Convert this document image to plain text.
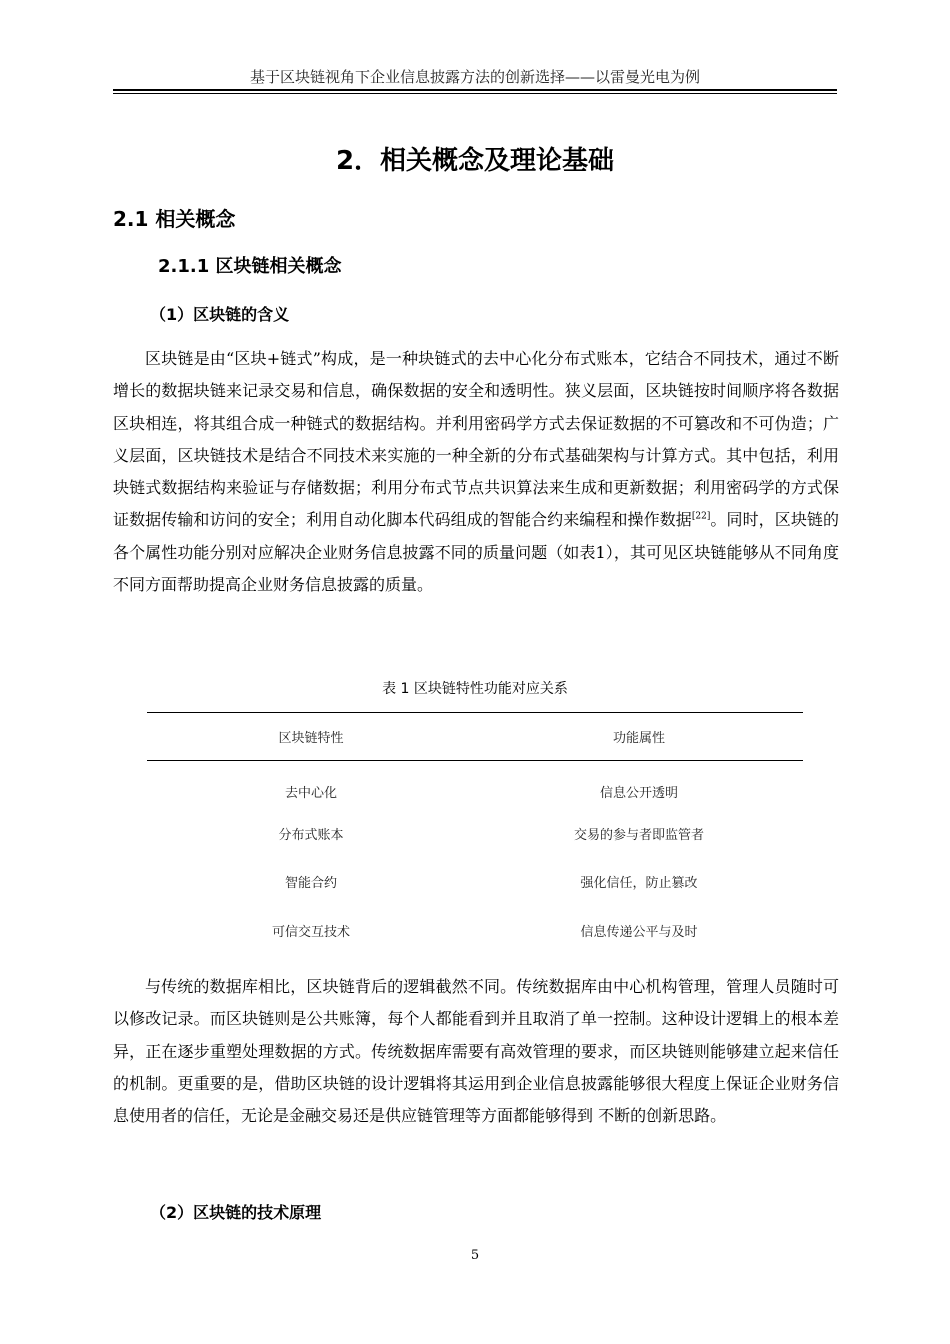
基于区块链视角下企业信息披露方法的创新选择——以雷曼光电为例
2．相关概念及理论基础
2.1 相关概念
2.1.1 区块链相关概念
（1）区块链的含义

区块链是由“区块+链式”构成，是一种块链式的去中心化分布式账本，它结合不同技术，通过不断增长的数据块链来记录交易和信息，确保数据的安全和透明性。狭义层面，区块链按时间顺序将各数据区块相连，将其组合成一种链式的数据结构。并利用密码学方式去保证数据的不可篡改和不可伪造；广义层面，区块链技术是结合不同技术来实施的一种全新的分布式基础架构与计算方式。其中包括，利用块链式数据结构来验证与存储数据；利用分布式节点共识算法来生成和更新数据；利用密码学的方式保证数据传输和访问的安全；利用自动化脚本代码组成的智能合约来编程和操作数据[22]。同时，区块链的各个属性功能分别对应解决企业财务信息披露不同的质量问题（如表1），其可见区块链能够从不同角度不同方面帮助提高企业财务信息披露的质量。

表 1 区块链特性功能对应关系
区块链特性	功能属性
去中心化	信息公开透明
分布式账本	交易的参与者即监管者
智能合约	强化信任，防止篡改
可信交互技术	信息传递公平与及时

与传统的数据库相比，区块链背后的逻辑截然不同。传统数据库由中心机构管理，管理人员随时可以修改记录。而区块链则是公共账簿，每个人都能看到并且取消了单一控制。这种设计逻辑上的根本差异，正在逐步重塑处理数据的方式。传统数据库需要有高效管理的要求，而区块链则能够建立起来信任的机制。更重要的是，借助区块链的设计逻辑将其运用到企业信息披露能够很大程度上保证企业财务信息使用者的信任，无论是金融交易还是供应链管理等方面都能够得到 不断的创新思路。

（2）区块链的技术原理
5
